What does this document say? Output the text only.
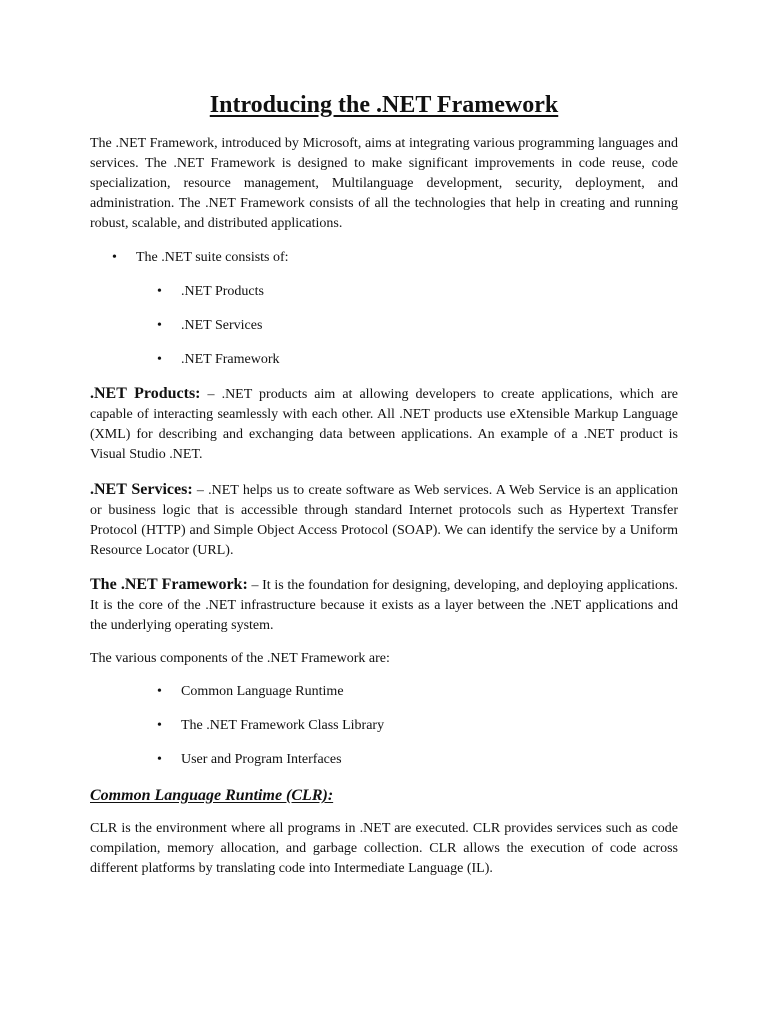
Introducing the .NET Framework

The .NET Framework, introduced by Microsoft, aims at integrating various programming languages and services. The .NET Framework is designed to make significant improvements in code reuse, code specialization, resource management, Multilanguage development, security, deployment, and administration. The .NET Framework consists of all the technologies that help in creating and running robust, scalable, and distributed applications.

• The .NET suite consists of:

• .NET Products

• .NET Services

• .NET Framework

.NET Products: – .NET products aim at allowing developers to create applications, which are capable of interacting seamlessly with each other. All .NET products use eXtensible Markup Language (XML) for describing and exchanging data between applications. An example of a .NET product is Visual Studio .NET.

.NET Services: – .NET helps us to create software as Web services. A Web Service is an application or business logic that is accessible through standard Internet protocols such as Hypertext Transfer Protocol (HTTP) and Simple Object Access Protocol (SOAP). We can identify the service by a Uniform Resource Locator (URL).

The .NET Framework: – It is the foundation for designing, developing, and deploying applications. It is the core of the .NET infrastructure because it exists as a layer between the .NET applications and the underlying operating system.

The various components of the .NET Framework are:

• Common Language Runtime

• The .NET Framework Class Library

• User and Program Interfaces

Common Language Runtime (CLR):

CLR is the environment where all programs in .NET are executed. CLR provides services such as code compilation, memory allocation, and garbage collection. CLR allows the execution of code across different platforms by translating code into Intermediate Language (IL).
